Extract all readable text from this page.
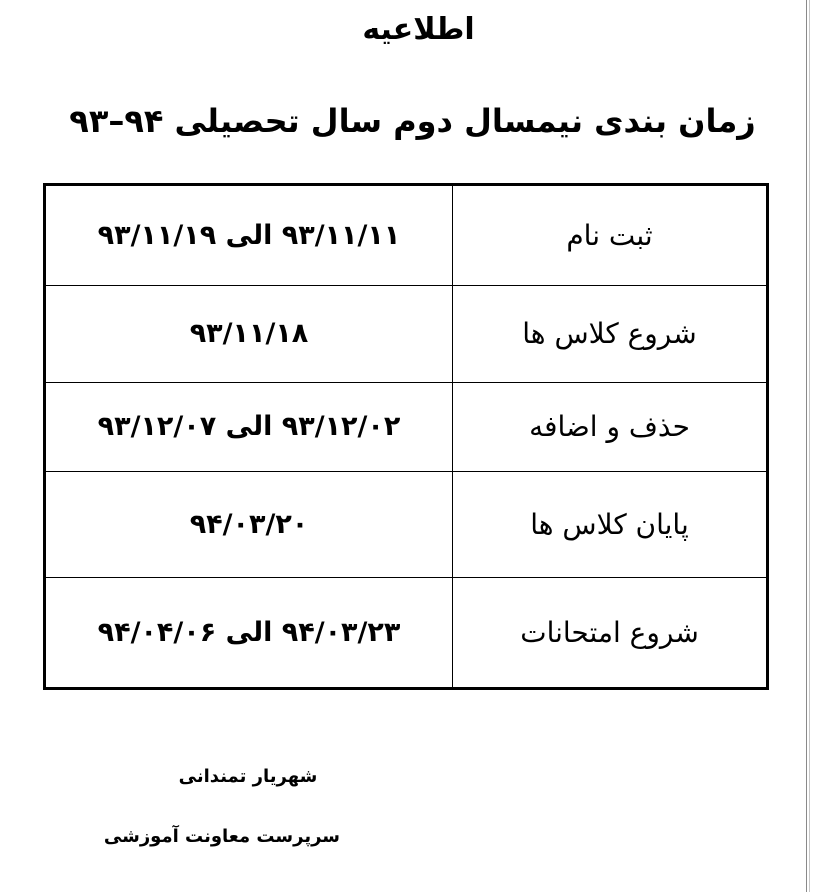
اطلاعیه
زمان بندی نیمسال دوم سال تحصیلی ۹۴–۹۳
ثبت نام	۹۳/۱۱/۱۱ الی ۹۳/۱۱/۱۹
شروع کلاس ها	۹۳/۱۱/۱۸
حذف و اضافه	۹۳/۱۲/۰۲ الی ۹۳/۱۲/۰۷
پایان کلاس ها	۹۴/۰۳/۲۰
شروع امتحانات	۹۴/۰۳/۲۳ الی ۹۴/۰۴/۰۶
شهریار تمندانی
سرپرست معاونت آموزشی
